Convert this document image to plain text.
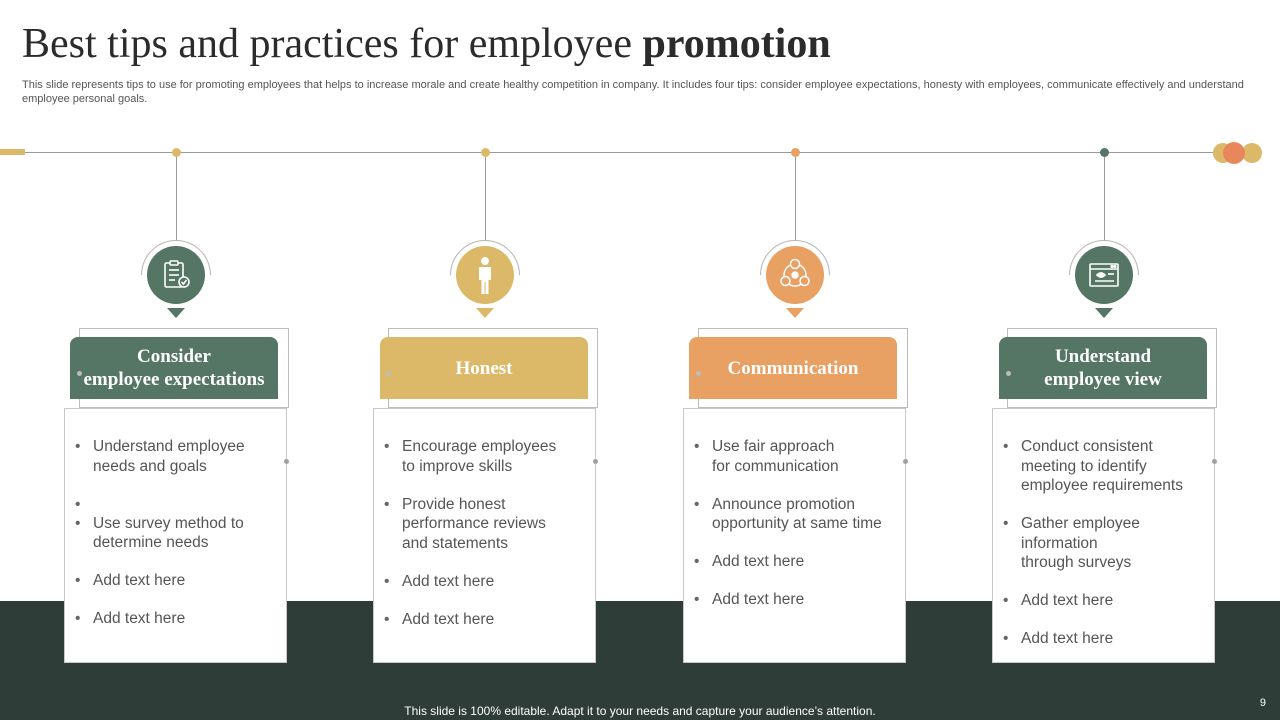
Best tips and practices for employee promotion
This slide represents tips to use for promoting employees that helps to increase morale and create healthy competition in company. It includes four tips: consider employee expectations, honesty with employees, communicate effectively and understand employee personal goals.
Consider
employee expectations
• Understand employee
needs and goals
•
• Use survey method to
determine needs
• Add text here
• Add text here
Honest
• Encourage employees
to improve skills
• Provide honest
performance reviews
and statements
• Add text here
• Add text here
Communication
• Use fair approach
for communication
• Announce promotion
opportunity at same time
• Add text here
• Add text here
Understand
employee view
• Conduct consistent
meeting to identify
employee requirements
• Gather employee
information
through surveys
• Add text here
• Add text here
This slide is 100% editable. Adapt it to your needs and capture your audience’s attention.
9
